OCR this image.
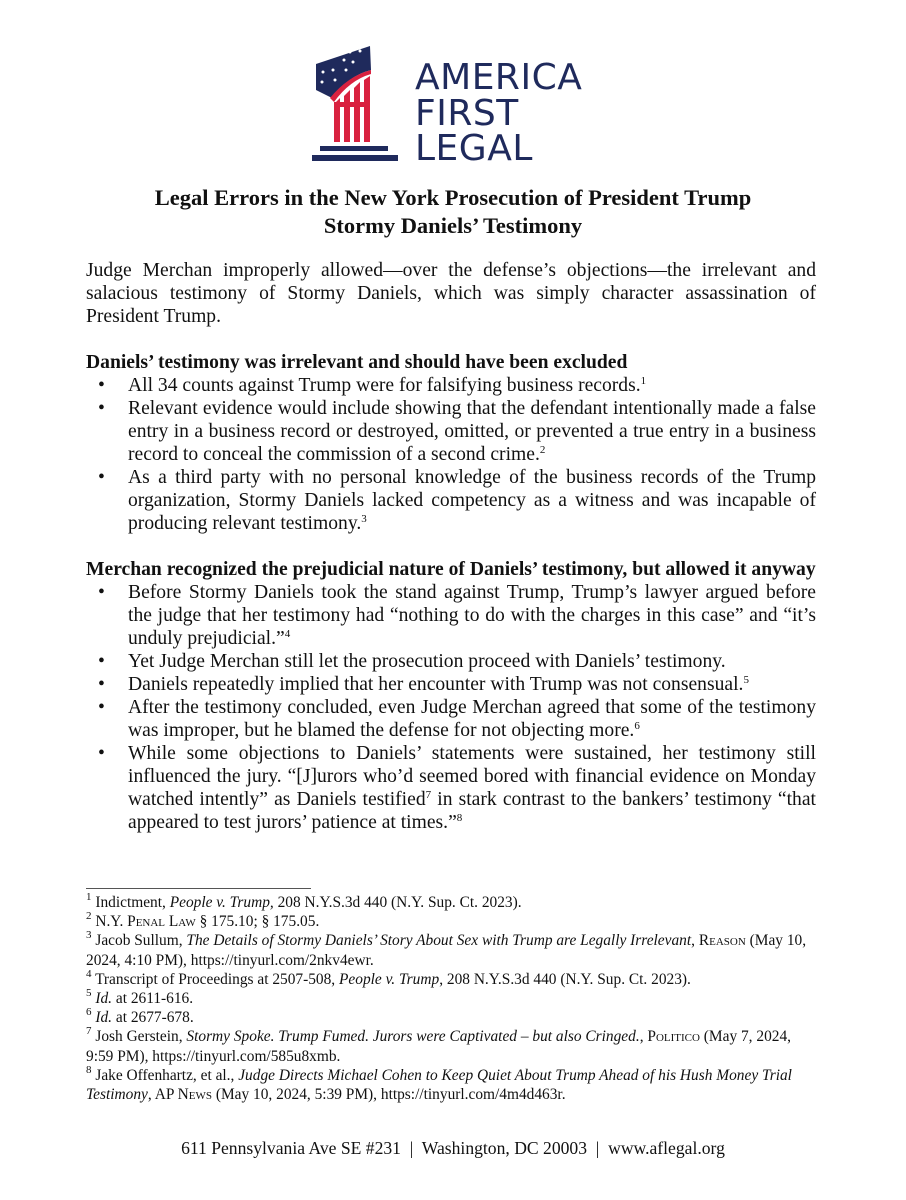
AMERICA
FIRST
LEGAL
Legal Errors in the New York Prosecution of President Trump
Stormy Daniels’ Testimony

Judge Merchan improperly allowed—over the defense’s objections—the irrelevant and salacious testimony of Stormy Daniels, which was simply character assassination of President Trump.

Daniels’ testimony was irrelevant and should have been excluded

• All 34 counts against Trump were for falsifying business records.$^1$
• Relevant evidence would include showing that the defendant intentionally made a false entry in a business record or destroyed, omitted, or prevented a true entry in a business record to conceal the commission of a second crime.$^2$
• As a third party with no personal knowledge of the business records of the Trump organization, Stormy Daniels lacked competency as a witness and was incapable of producing relevant testimony.$^3$

Merchan recognized the prejudicial nature of Daniels’ testimony, but allowed it anyway

• Before Stormy Daniels took the stand against Trump, Trump’s lawyer argued before the judge that her testimony had “nothing to do with the charges in this case” and “it’s unduly prejudicial.”$^4$
• Yet Judge Merchan still let the prosecution proceed with Daniels’ testimony.
• Daniels repeatedly implied that her encounter with Trump was not consensual.$^5$
• After the testimony concluded, even Judge Merchan agreed that some of the testimony was improper, but he blamed the defense for not objecting more.$^6$
• While some objections to Daniels’ statements were sustained, her testimony still influenced the jury. “[J]urors who’d seemed bored with financial evidence on Monday watched intently” as Daniels testified$^7$ in stark contrast to the bankers’ testimony “that appeared to test jurors’ patience at times.”$^8$

$^1$ Indictment, People v. Trump, 208 N.Y.S.3d 440 (N.Y. Sup. Ct. 2023).

$^2$ N.Y. Penal Law § 175.10; § 175.05.

$^3$ Jacob Sullum, The Details of Stormy Daniels’ Story About Sex with Trump are Legally Irrelevant, Reason (May 10, 2024, 4:10 PM), https://tinyurl.com/2nkv4ewr.

$^4$ Transcript of Proceedings at 2507-508, People v. Trump, 208 N.Y.S.3d 440 (N.Y. Sup. Ct. 2023).

$^5$ Id. at 2611-616.

$^6$ Id. at 2677-678.

$^7$ Josh Gerstein, Stormy Spoke. Trump Fumed. Jurors were Captivated – but also Cringed., Politico (May 7, 2024, 9:59 PM), https://tinyurl.com/585u8xmb.

$^8$ Jake Offenhartz, et al., Judge Directs Michael Cohen to Keep Quiet About Trump Ahead of his Hush Money Trial Testimony, AP News (May 10, 2024, 5:39 PM), https://tinyurl.com/4m4d463r.

611 Pennsylvania Ave SE #231  |  Washington, DC 20003  |  www.aflegal.org
